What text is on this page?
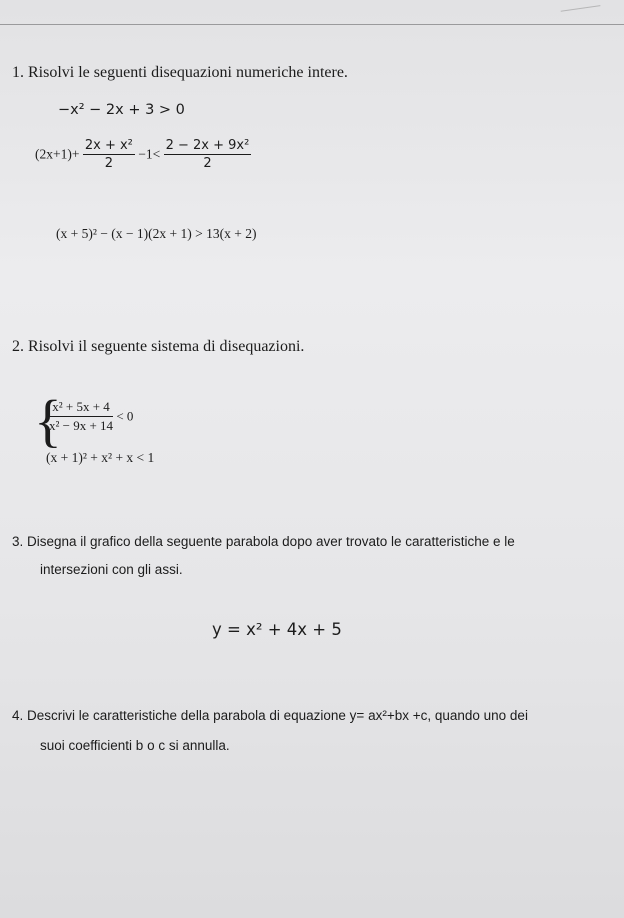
1. Risolvi le seguenti disequazioni numeriche intere.
−x² − 2x + 3 > 0
$(2x+1)+ \frac{\text{2x + x²}}{2} -1< \frac{\text{2 − 2x + 9x²}}{2}$
(x + 5)² − (x − 1)(2x + 1) > 13(x + 2)
2. Risolvi il seguente sistema di disequazioni.
{
$\frac{\text{x² + 5x + 4}}{\text{x² − 9x + 14}} < 0$
(x + 1)² + x² + x < 1
3. Disegna il grafico della seguente parabola dopo aver trovato le caratteristiche e le
intersezioni con gli assi.
y = x² + 4x + 5
4. Descrivi le caratteristiche della parabola di equazione y= ax²+bx +c, quando uno dei
suoi coefficienti b o c si annulla.
